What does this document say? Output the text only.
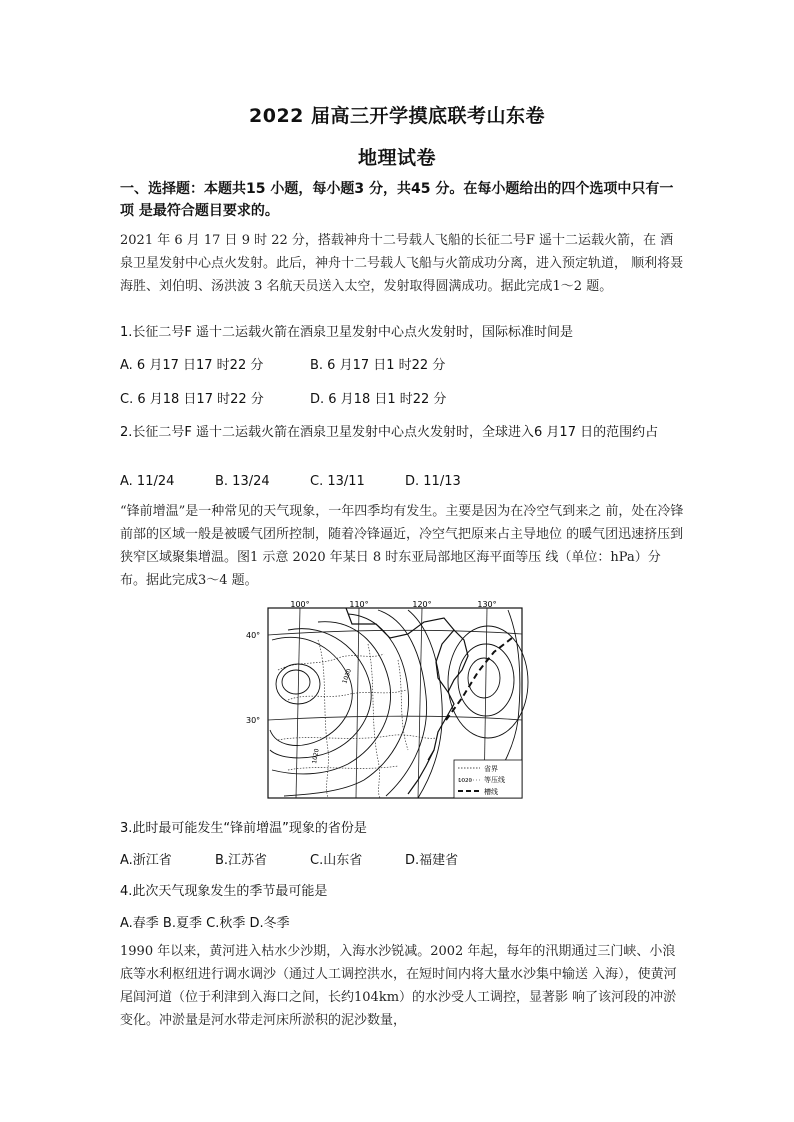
2022 届高三开学摸底联考山东卷
地理试卷
一、选择题：本题共15 小题，每小题3 分，共45 分。在每小题给出的四个选项中只有一项 是最符合题目要求的。
2021 年 6 月 17 日 9 时 22 分，搭载神舟十二号载人飞船的长征二号F 遥十二运载火箭，在 酒泉卫星发射中心点火发射。此后，神舟十二号载人飞船与火箭成功分离，进入预定轨道， 顺利将聂海胜、刘伯明、汤洪波 3 名航天员送入太空，发射取得圆满成功。据此完成1～2 题。
1.长征二号F 遥十二运载火箭在酒泉卫星发射中心点火发射时，国际标准时间是
A. 6 月17 日17 时22 分	B. 6 月17 日1 时22 分
C. 6 月18 日17 时22 分	D. 6 月18 日1 时22 分
2.长征二号F 遥十二运载火箭在酒泉卫星发射中心点火发射时，全球进入6 月17 日的范围约占
A. 11/24	B. 13/24	C. 13/11	D. 11/13
“锋前增温”是一种常见的天气现象，一年四季均有发生。主要是因为在冷空气到来之 前，处在冷锋前部的区域一般是被暖气团所控制，随着冷锋逼近，冷空气把原来占主导地位 的暖气团迅速挤压到狭窄区域聚集增温。图1 示意 2020 年某日 8 时东亚局部地区海平面等压 线（单位：hPa）分布。据此完成3～4 题。
100°	110°	120°	130°
40°
30°
1030
1020
省界
1020 等压线
槽线
3.此时最可能发生“锋前增温”现象的省份是
A.浙江省	B.江苏省	C.山东省	D.福建省
4.此次天气现象发生的季节最可能是
A.春季 B.夏季 C.秋季 D.冬季
1990 年以来，黄河进入枯水少沙期，入海水沙锐减。2002 年起，每年的汛期通过三门峡、小浪底等水利枢纽进行调水调沙（通过人工调控洪水，在短时间内将大量水沙集中输送 入海），使黄河尾闾河道（位于利津到入海口之间，长约104km）的水沙受人工调控，显著影 响了该河段的冲淤变化。冲淤量是河水带走河床所淤积的泥沙数量，
